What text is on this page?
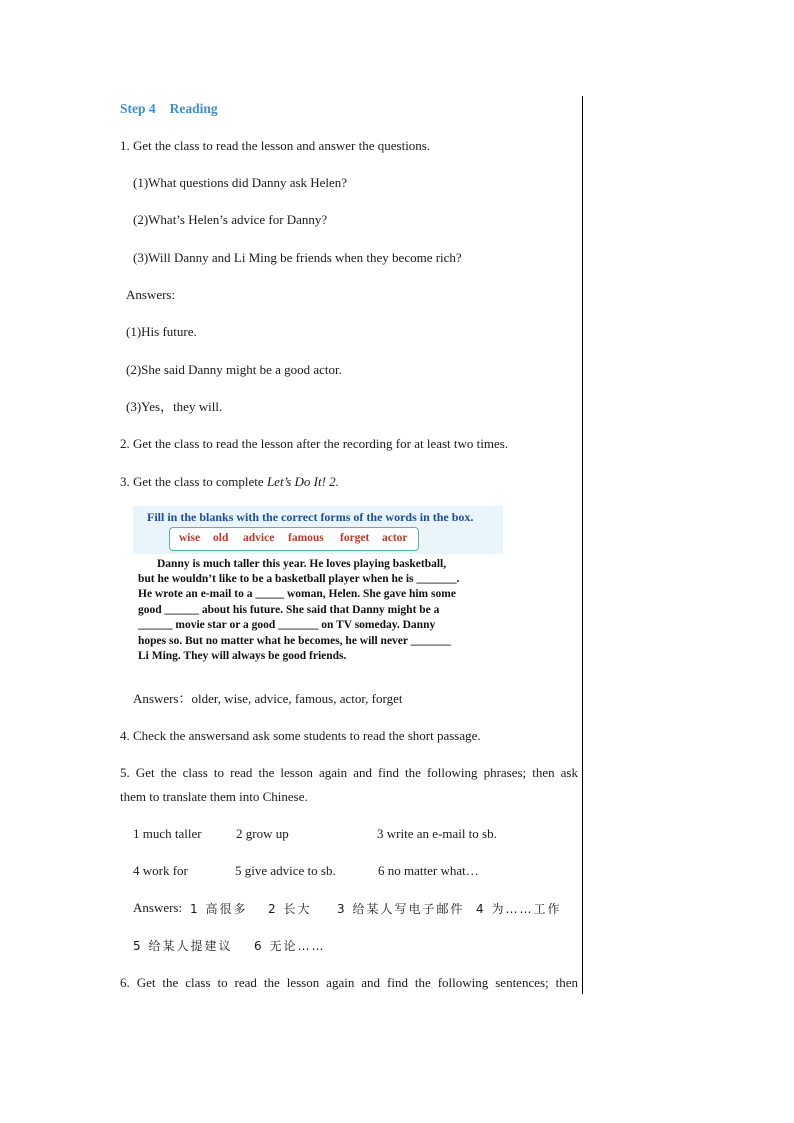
Step 4 Reading
1. Get the class to read the lesson and answer the questions.
(1)What questions did Danny ask Helen?
(2)What’s Helen’s advice for Danny?
(3)Will Danny and Li Ming be friends when they become rich?
Answers:
(1)His future.
(2)She said Danny might be a good actor.
(3)Yes，they will.
2. Get the class to read the lesson after the recording for at least two times.
3. Get the class to complete Let’s Do It! 2.
Fill in the blanks with the correct forms of the words in the box.
wise old advice famous forget actor
Danny is much taller this year. He loves playing basketball,
but he wouldn’t like to be a basketball player when he is _______.
He wrote an e-mail to a _____ woman, Helen. She gave him some
good ______ about his future. She said that Danny might be a
______ movie star or a good _______ on TV someday. Danny
hopes so. But no matter what he becomes, he will never _______
Li Ming. They will always be good friends.
Answers：older, wise, advice, famous, actor, forget
4. Check the answersand ask some students to read the short passage.
5. Get the class to read the lesson again and find the following phrases; then ask
them to translate them into Chinese.
1 much taller	2 grow up	3 write an e-mail to sb.
4 work for	5 give advice to sb.	6 no matter what…
Answers: 1 高很多 2 长大 3 给某人写电子邮件 4 为……工作
5 给某人提建议 6 无论……
6. Get the class to read the lesson again and find the following sentences; then
